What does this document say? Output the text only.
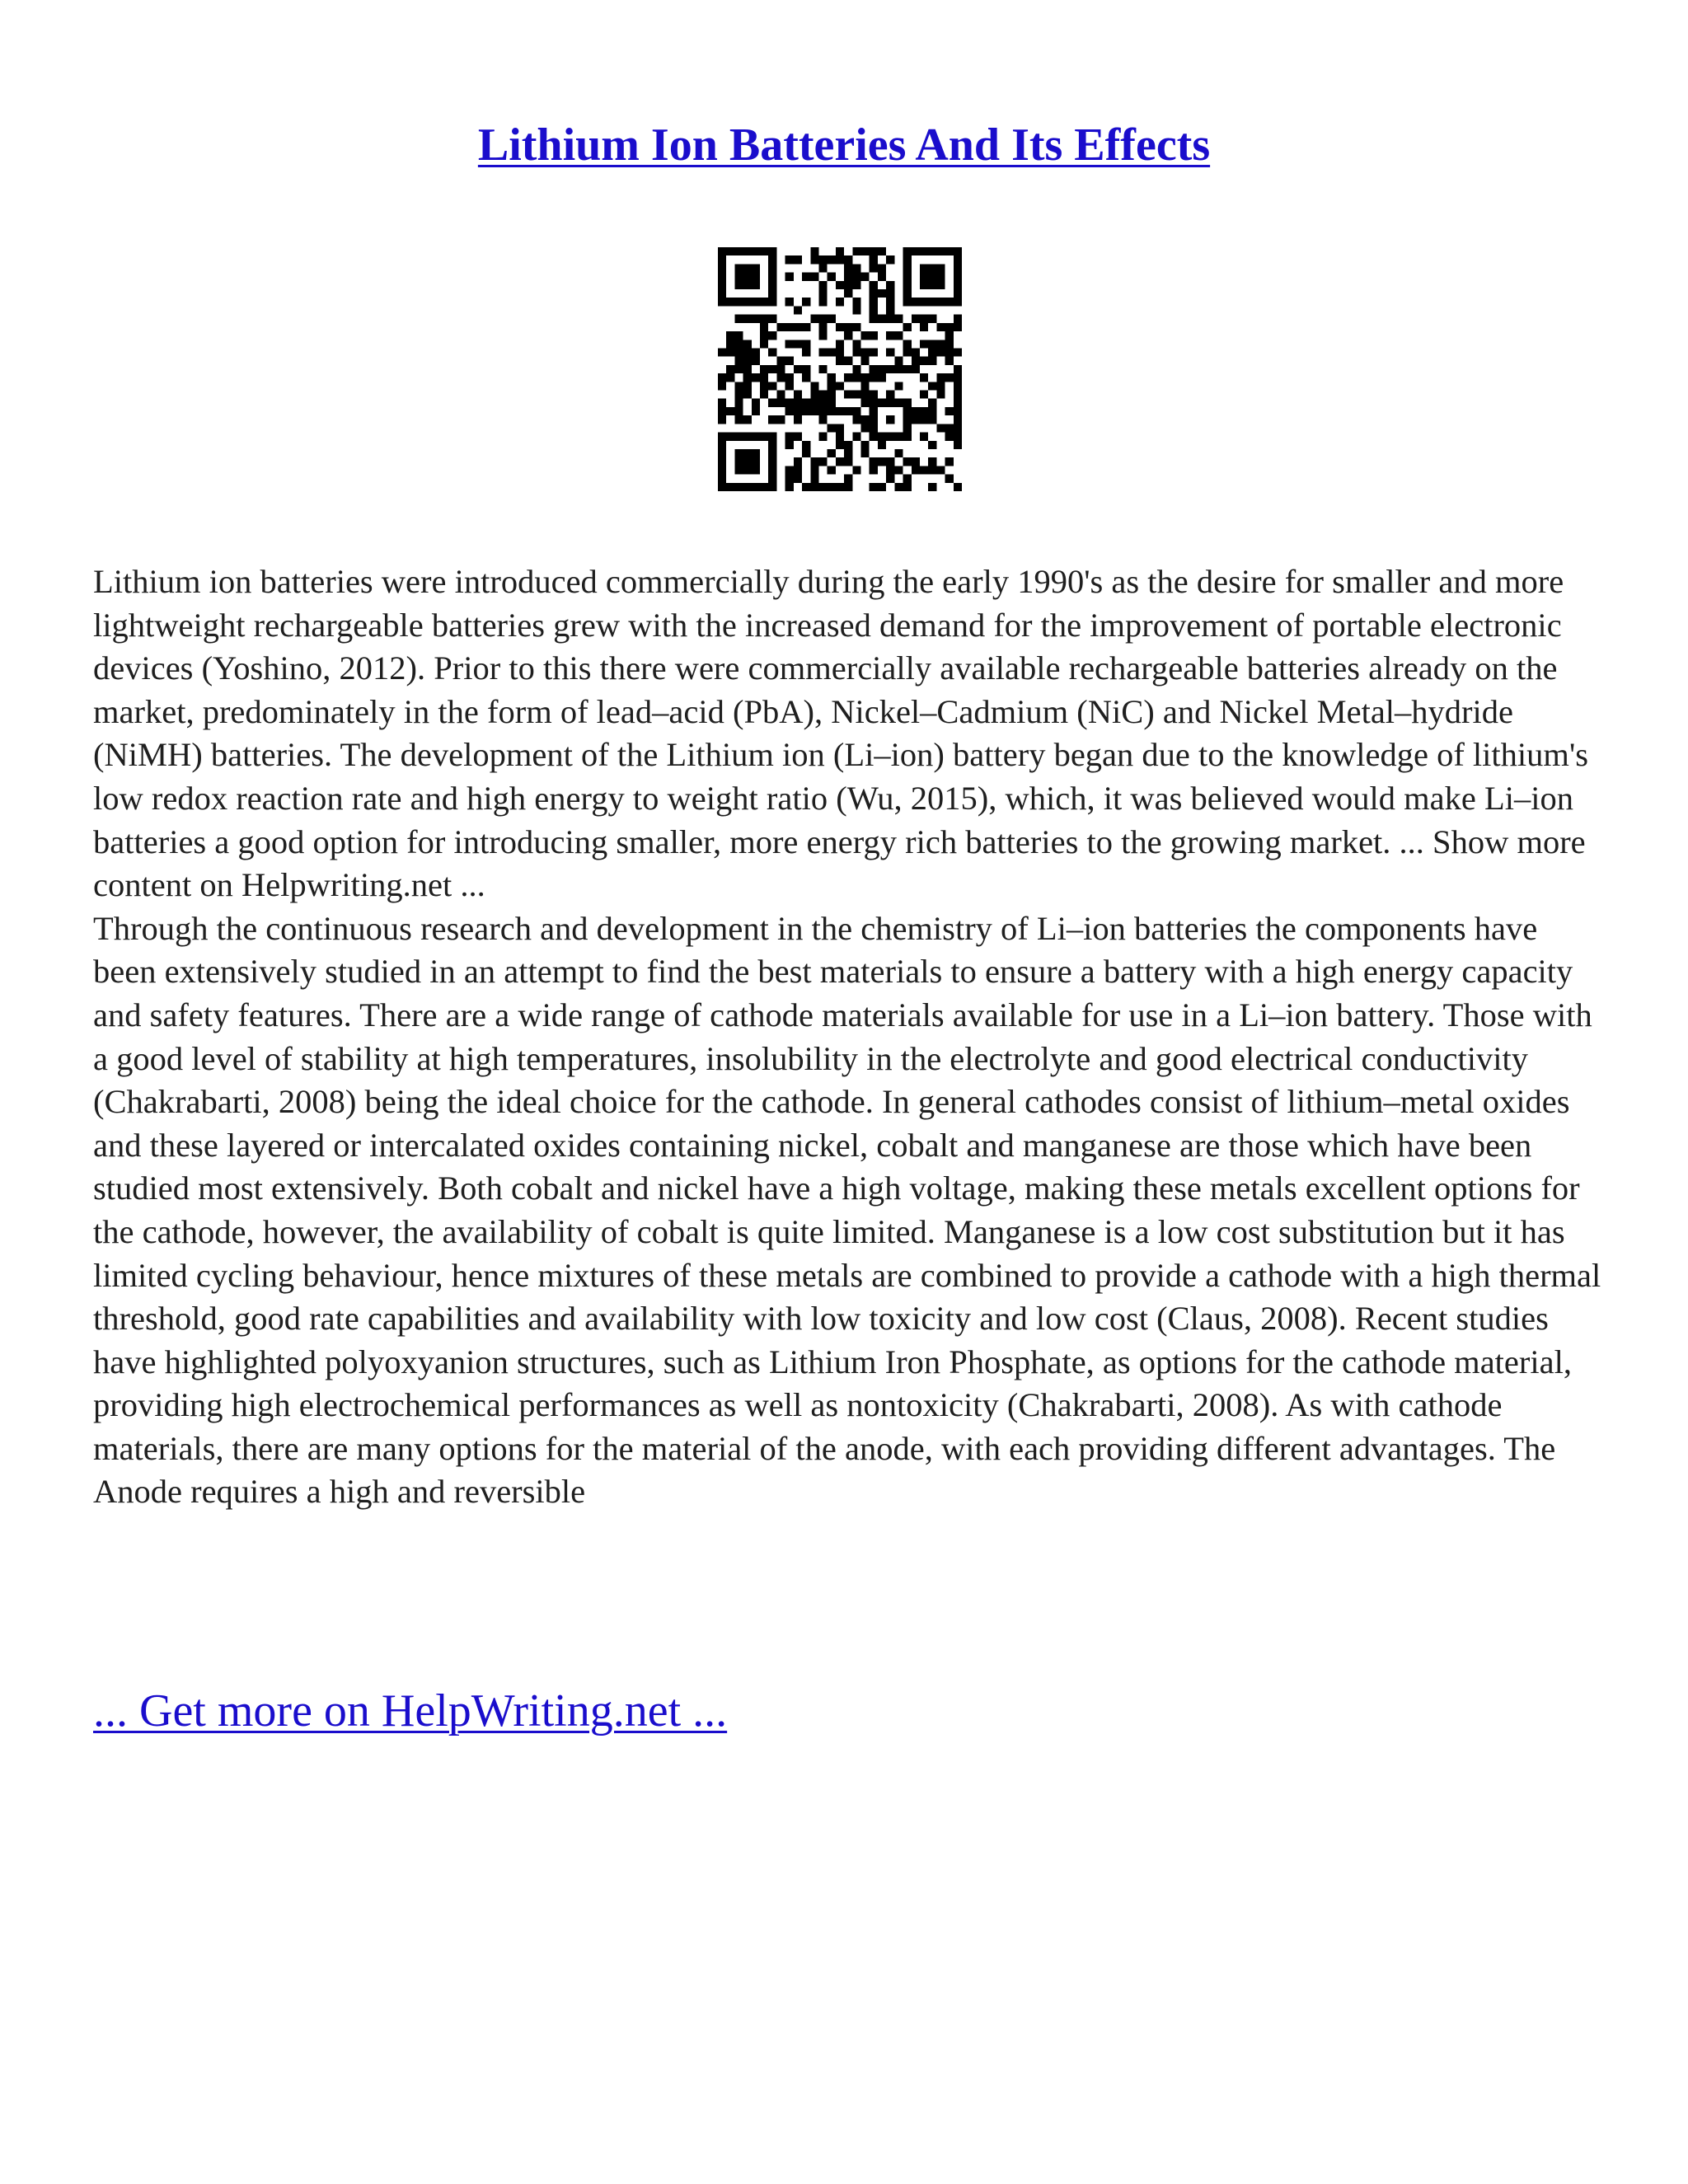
Lithium Ion Batteries And Its Effects

Lithium ion batteries were introduced commercially during the early 1990's as the desire for smaller and more lightweight rechargeable batteries grew with the increased demand for the improvement of portable electronic devices (Yoshino, 2012). Prior to this there were commercially available rechargeable batteries already on the market, predominately in the form of lead–acid (PbA), Nickel–Cadmium (NiC) and Nickel Metal–hydride (NiMH) batteries. The development of the Lithium ion (Li–ion) battery began due to the knowledge of lithium's low redox reaction rate and high energy to weight ratio (Wu, 2015), which, it was believed would make Li–ion batteries a good option for introducing smaller, more energy rich batteries to the growing market. ... Show more content on Helpwriting.net ...

Through the continuous research and development in the chemistry of Li–ion batteries the components have been extensively studied in an attempt to find the best materials to ensure a battery with a high energy capacity and safety features. There are a wide range of cathode materials available for use in a Li–ion battery. Those with a good level of stability at high temperatures, insolubility in the electrolyte and good electrical conductivity (Chakrabarti, 2008) being the ideal choice for the cathode. In general cathodes consist of lithium–metal oxides and these layered or intercalated oxides containing nickel, cobalt and manganese are those which have been studied most extensively. Both cobalt and nickel have a high voltage, making these metals excellent options for the cathode, however, the availability of cobalt is quite limited. Manganese is a low cost substitution but it has limited cycling behaviour, hence mixtures of these metals are combined to provide a cathode with a high thermal threshold, good rate capabilities and availability with low toxicity and low cost (Claus, 2008). Recent studies have highlighted polyoxyanion structures, such as Lithium Iron Phosphate, as options for the cathode material, providing high electrochemical performances as well as nontoxicity (Chakrabarti, 2008). As with cathode materials, there are many options for the material of the anode, with each providing different advantages. The Anode requires a high and reversible

... Get more on HelpWriting.net ...
